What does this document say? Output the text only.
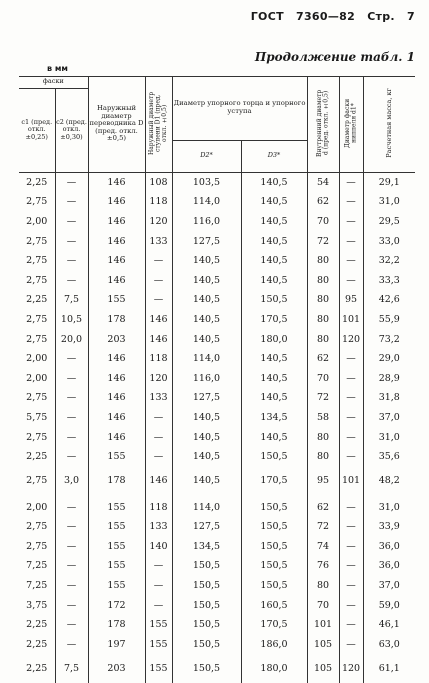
ГОСТ 7360—82 Стр. 7
Продолжение табл. 1
в мм
фаски		Наружный диаметр переводника D (пред. откл. ±0,5)	Наружный диаметр ступени D1 (пред. откл. ±0,5)	Диаметр упорного торца и упорного уступа		Внутренний диаметр d (пред. откл. ±0,5)	Диаметр фаски ниппеля d1*	Расчетная масса, кг
c1 (пред. откл. ±0,25)	c2 (пред. откл. ±0,30)							
				D2*	D3*			
2,25	—	146	108	103,5	140,5	54	—	29,1
2,75	—	146	118	114,0	140,5	62	—	31,0
2,00	—	146	120	116,0	140,5	70	—	29,5
2,75	—	146	133	127,5	140,5	72	—	33,0
2,75	—	146	—	140,5	140,5	80	—	32,2
2,75	—	146	—	140,5	140,5	80	—	33,3
2,25	7,5	155	—	140,5	150,5	80	95	42,6
2,75	10,5	178	146	140,5	170,5	80	101	55,9
2,75	20,0	203	146	140,5	180,0	80	120	73,2
2,00	—	146	118	114,0	140,5	62	—	29,0
2,00	—	146	120	116,0	140,5	70	—	28,9
2,75	—	146	133	127,5	140,5	72	—	31,8
5,75	—	146	—	140,5	134,5	58	—	37,0
2,75	—	146	—	140,5	140,5	80	—	31,0
2,25	—	155	—	140,5	150,5	80	—	35,6
2,75	3,0	178	146	140,5	170,5	95	101	48,2
2,00	—	155	118	114,0	150,5	62	—	31,0
2,75	—	155	133	127,5	150,5	72	—	33,9
2,75	—	155	140	134,5	150,5	74	—	36,0
7,25	—	155	—	150,5	150,5	76	—	36,0
7,25	—	155	—	150,5	150,5	80	—	37,0
3,75	—	172	—	150,5	160,5	70	—	59,0
2,25	—	178	155	150,5	170,5	101	—	46,1
2,25	—	197	155	150,5	186,0	105	—	63,0
2,25	7,5	203	155	150,5	180,0	105	120	61,1
